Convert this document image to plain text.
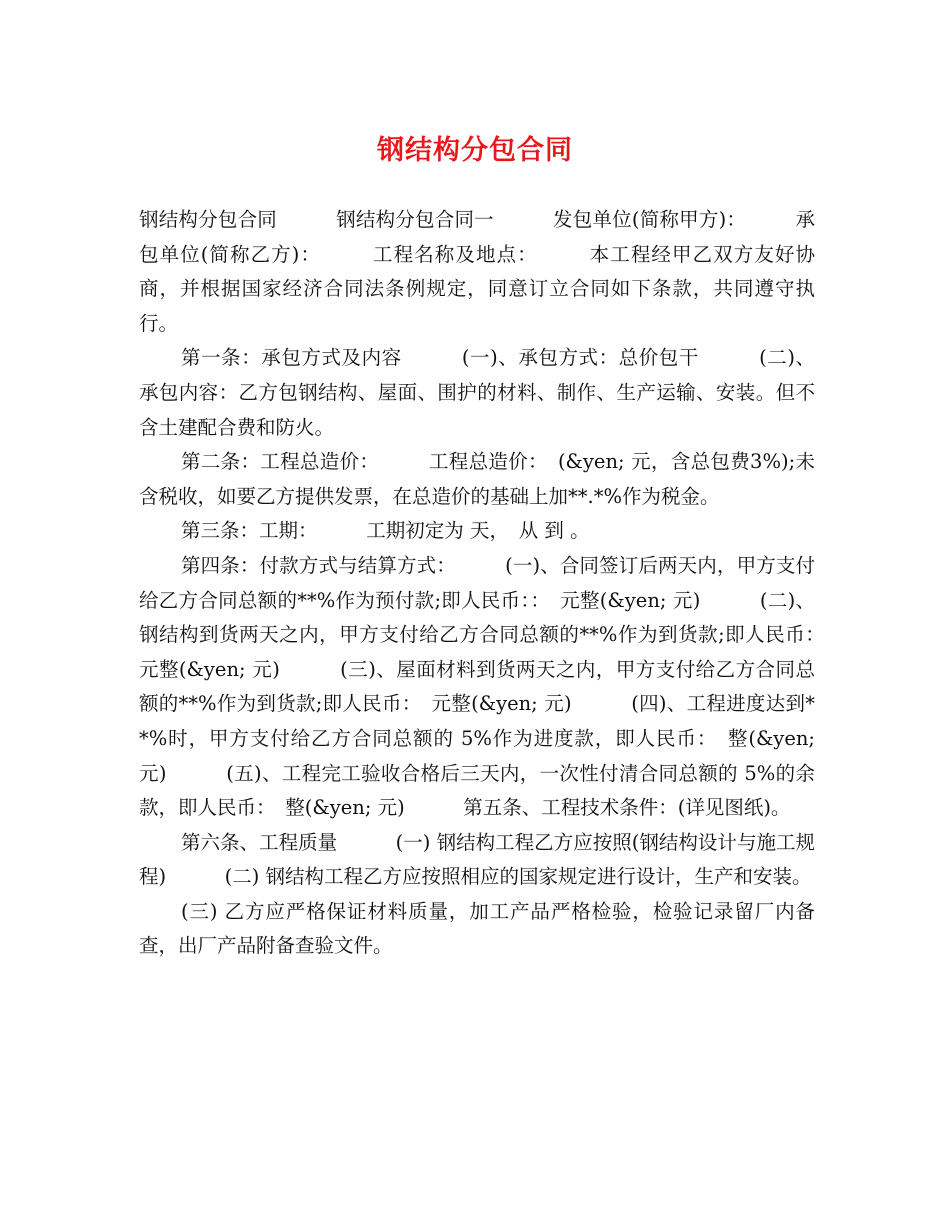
钢结构分包合同

钢结构分包合同　　　钢结构分包合同一　　　发包单位(简称甲方)：　　　承包单位(简称乙方)：　　　工程名称及地点：　　　本工程经甲乙双方友好协商，并根据国家经济合同法条例规定，同意订立合同如下条款，共同遵守执行。

第一条：承包方式及内容　　　(一)、承包方式：总价包干　　　(二)、承包内容：乙方包钢结构、屋面、围护的材料、制作、生产运输、安装。但不含土建配合费和防火。

第二条：工程总造价：　　　工程总造价：　(&yen; 元，含总包费3%);未含税收，如要乙方提供发票，在总造价的基础上加**.*%作为税金。

第三条：工期：　　　工期初定为 天，　从 到 。

第四条：付款方式与结算方式：　　　(一)、合同签订后两天内，甲方支付给乙方合同总额的**%作为预付款;即人民币：：　元整(&yen; 元)　　　(二)、钢结构到货两天之内，甲方支付给乙方合同总额的**%作为到货款;即人民币：　元整(&yen; 元)　　　(三)、屋面材料到货两天之内，甲方支付给乙方合同总额的**%作为到货款;即人民币：　元整(&yen; 元)　　　(四)、工程进度达到**%时，甲方支付给乙方合同总额的 5%作为进度款，即人民币：　整(&yen; 元)　　　(五)、工程完工验收合格后三天内，一次性付清合同总额的 5%的余款，即人民币：　整(&yen; 元)　　　第五条、工程技术条件：(详见图纸)。

第六条、工程质量　　　(一) 钢结构工程乙方应按照(钢结构设计与施工规程)　　　(二) 钢结构工程乙方应按照相应的国家规定进行设计，生产和安装。

(三) 乙方应严格保证材料质量，加工产品严格检验，检验记录留厂内备查，出厂产品附备查验文件。
